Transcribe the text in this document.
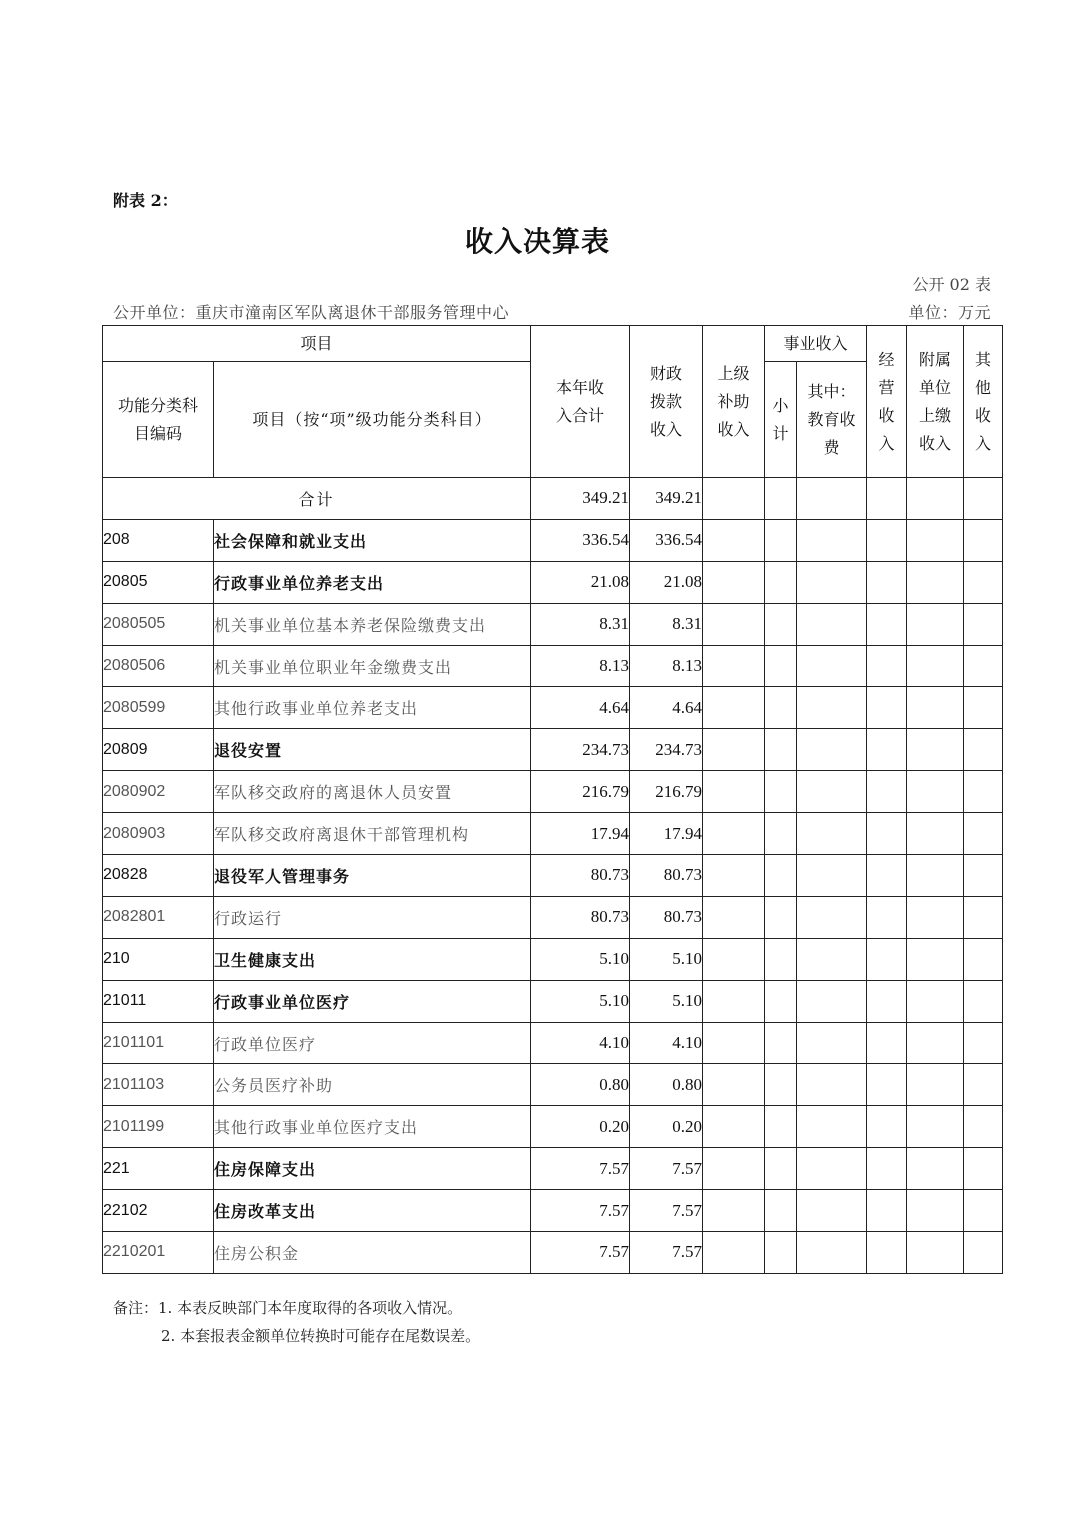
附表 2：
收入决算表
公开 02 表
公开单位：重庆市潼南区军队离退休干部服务管理中心	单位：万元
项目		本年收入合计	财政拨款收入	上级补助收入	事业收入		经营收入	附属单位上缴收入	其他收入

功能分类科目编码	项目（按“项”级功能分类科目）				小计	其中：教育收费			

合计		349.21	349.21						
208	社会保障和就业支出	336.54	336.54						
20805	行政事业单位养老支出	21.08	21.08						
2080505	机关事业单位基本养老保险缴费支出	8.31	8.31						
2080506	机关事业单位职业年金缴费支出	8.13	8.13						
2080599	其他行政事业单位养老支出	4.64	4.64						
20809	退役安置	234.73	234.73						
2080902	军队移交政府的离退休人员安置	216.79	216.79						
2080903	军队移交政府离退休干部管理机构	17.94	17.94						
20828	退役军人管理事务	80.73	80.73						
2082801	行政运行	80.73	80.73						
210	卫生健康支出	5.10	5.10						
21011	行政事业单位医疗	5.10	5.10						
2101101	行政单位医疗	4.10	4.10						
2101103	公务员医疗补助	0.80	0.80						
2101199	其他行政事业单位医疗支出	0.20	0.20						
221	住房保障支出	7.57	7.57						
22102	住房改革支出	7.57	7.57						
2210201	住房公积金	7.57	7.57						
备注：1. 本表反映部门本年度取得的各项收入情况。
2. 本套报表金额单位转换时可能存在尾数误差。
